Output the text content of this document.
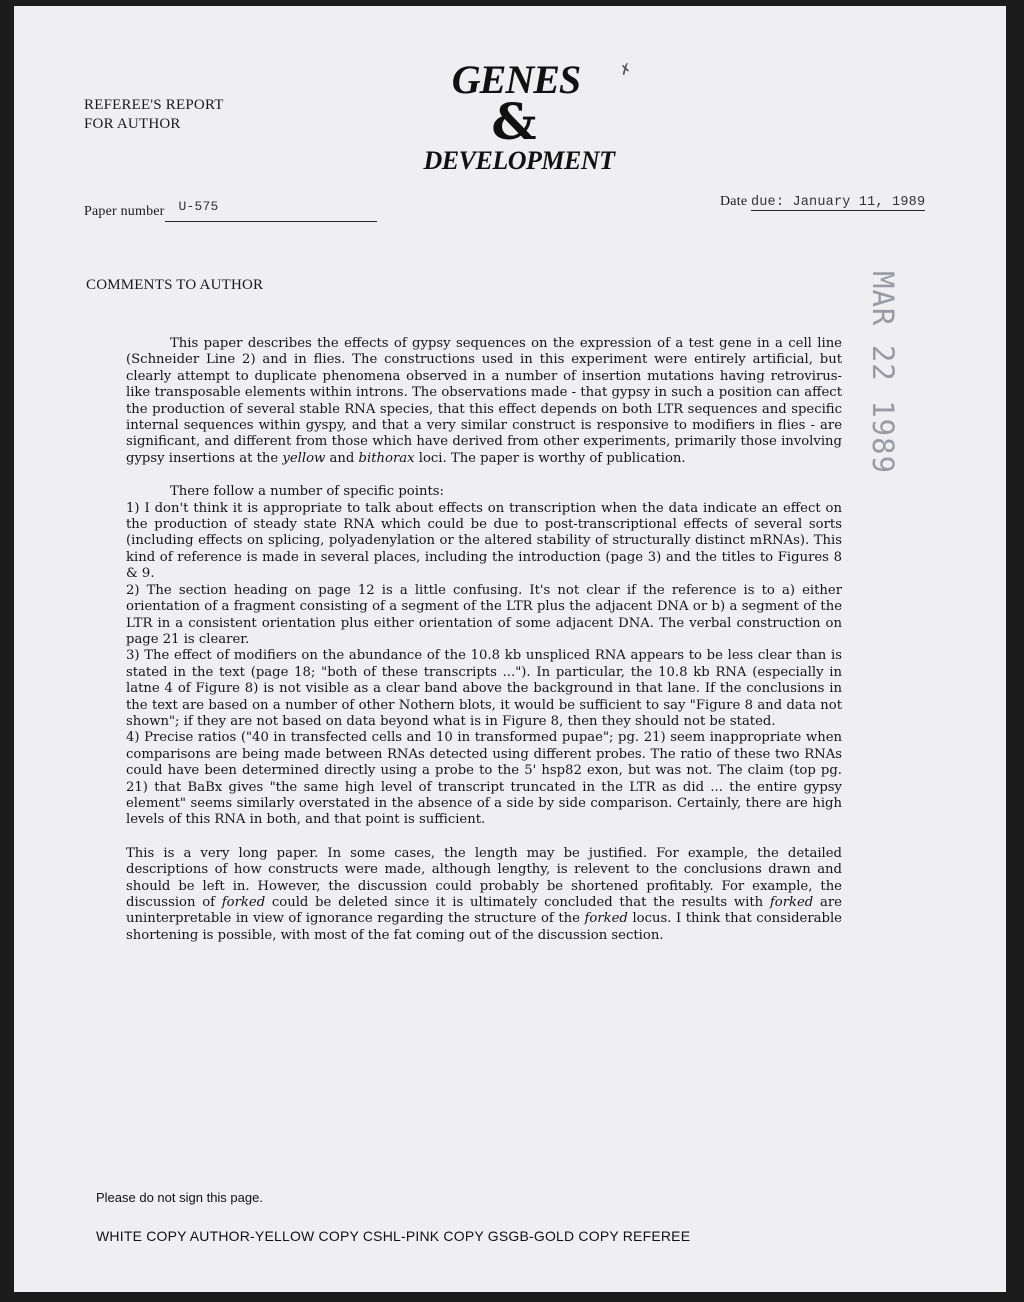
REFEREE'S REPORT
FOR AUTHOR
GENES
&
DEVELOPMENT
✗
Paper number U-575	Date due: January 11, 1989
MAR 22 1989
COMMENTS TO AUTHOR

This paper describes the effects of gypsy sequences on the expression of a test gene in a cell line (Schneider Line 2) and in flies. The constructions used in this experiment were entirely artificial, but clearly attempt to duplicate phenomena observed in a number of insertion mutations having retrovirus-like transposable elements within introns. The observations made - that gypsy in such a position can affect the production of several stable RNA species, that this effect depends on both LTR sequences and specific internal sequences within gyspy, and that a very similar construct is responsive to modifiers in flies - are significant, and different from those which have derived from other experiments, primarily those involving gypsy insertions at the yellow and bithorax loci. The paper is worthy of publication.

There follow a number of specific points:

1) I don't think it is appropriate to talk about effects on transcription when the data indicate an effect on the production of steady state RNA which could be due to post-transcriptional effects of several sorts (including effects on splicing, polyadenylation or the altered stability of structurally distinct mRNAs). This kind of reference is made in several places, including the introduction (page 3) and the titles to Figures 8 & 9.

2) The section heading on page 12 is a little confusing. It's not clear if the reference is to a) either orientation of a fragment consisting of a segment of the LTR plus the adjacent DNA or b) a segment of the LTR in a consistent orientation plus either orientation of some adjacent DNA. The verbal construction on page 21 is clearer.

3) The effect of modifiers on the abundance of the 10.8 kb unspliced RNA appears to be less clear than is stated in the text (page 18; "both of these transcripts ..."). In particular, the 10.8 kb RNA (especially in latne 4 of Figure 8) is not visible as a clear band above the background in that lane. If the conclusions in the text are based on a number of other Nothern blots, it would be sufficient to say "Figure 8 and data not shown"; if they are not based on data beyond what is in Figure 8, then they should not be stated.

4) Precise ratios ("40 in transfected cells and 10 in transformed pupae"; pg. 21) seem inappropriate when comparisons are being made between RNAs detected using different probes. The ratio of these two RNAs could have been determined directly using a probe to the 5' hsp82 exon, but was not. The claim (top pg. 21) that BaBx gives "the same high level of transcript truncated in the LTR as did ... the entire gypsy element" seems similarly overstated in the absence of a side by side comparison. Certainly, there are high levels of this RNA in both, and that point is sufficient.

This is a very long paper. In some cases, the length may be justified. For example, the detailed descriptions of how constructs were made, although lengthy, is relevent to the conclusions drawn and should be left in. However, the discussion could probably be shortened profitably. For example, the discussion of forked could be deleted since it is ultimately concluded that the results with forked are uninterpretable in view of ignorance regarding the structure of the forked locus. I think that considerable shortening is possible, with most of the fat coming out of the discussion section.

Please do not sign this page.
WHITE COPY AUTHOR-YELLOW COPY CSHL-PINK COPY GSGB-GOLD COPY REFEREE
